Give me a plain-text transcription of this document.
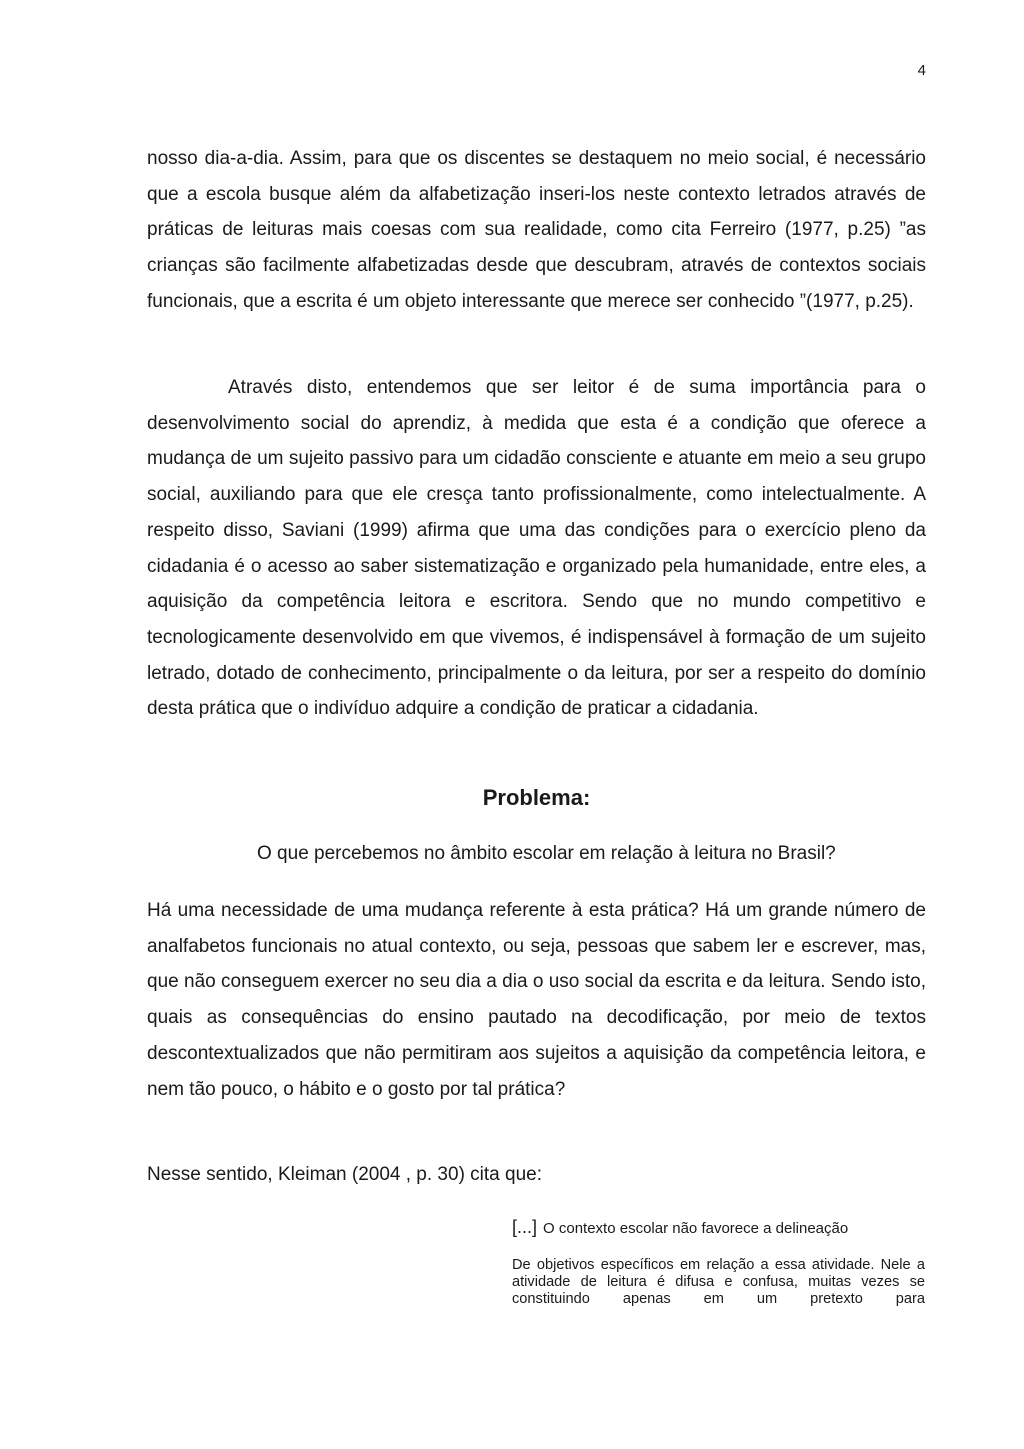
4

nosso dia-a-dia. Assim, para que os discentes se destaquem no meio social, é necessário que a escola busque além da alfabetização inseri-los neste contexto letrados através de práticas de leituras mais coesas com sua realidade, como cita Ferreiro (1977, p.25) ”as crianças são facilmente alfabetizadas desde que descubram, através de contextos sociais funcionais, que a escrita é um objeto interessante que merece ser conhecido ”(1977, p.25).

Através disto, entendemos que ser leitor é de suma importância para o desenvolvimento social do aprendiz, à medida que esta é a condição que oferece a mudança de um sujeito passivo para um cidadão consciente e atuante em meio a seu grupo social, auxiliando para que ele cresça tanto profissionalmente, como intelectualmente. A respeito disso, Saviani (1999) afirma que uma das condições para o exercício pleno da cidadania é o acesso ao saber sistematização e organizado pela humanidade, entre eles, a aquisição da competência leitora e escritora. Sendo que no mundo competitivo e tecnologicamente desenvolvido em que vivemos, é indispensável à formação de um sujeito letrado, dotado de conhecimento, principalmente o da leitura, por ser a respeito do domínio desta prática que o indivíduo adquire a condição de praticar a cidadania.

Problema:

O que percebemos no âmbito escolar em relação à leitura no Brasil?

Há uma necessidade de uma mudança referente à esta prática? Há um grande número de analfabetos funcionais no atual contexto, ou seja, pessoas que sabem ler e escrever, mas, que não conseguem exercer no seu dia a dia o uso social da escrita e da leitura. Sendo isto, quais as consequências do ensino pautado na decodificação, por meio de textos descontextualizados que não permitiram aos sujeitos a aquisição da competência leitora, e nem tão pouco, o hábito e o gosto por tal prática?

Nesse sentido, Kleiman (2004 , p. 30) cita que:

[...] O contexto escolar não favorece a delineação

De objetivos específicos em relação a essa atividade. Nele a atividade de leitura é difusa e confusa, muitas vezes se constituindo apenas em um pretexto para
